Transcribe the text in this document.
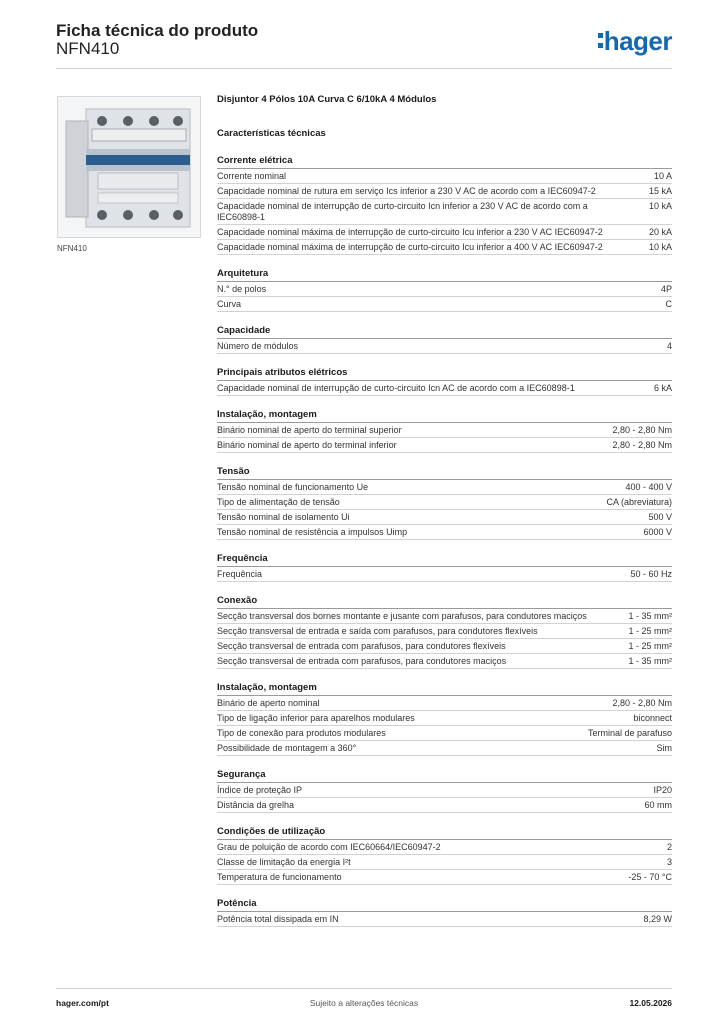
Ficha técnica do produto
NFN410	hager
NFN410
Disjuntor 4 Pólos 10A Curva C 6/10kA 4 Módulos
Características técnicas
Corrente elétrica
Corrente nominal	10 A
Capacidade nominal de rutura em serviço Ics inferior a 230 V AC de acordo com a IEC60947-2	15 kA
Capacidade nominal de interrupção de curto-circuito Icn inferior a 230 V AC de acordo com a IEC60898-1
10 kA
Capacidade nominal máxima de interrupção de curto-circuito Icu inferior a 230 V AC IEC60947-2	20 kA
Capacidade nominal máxima de interrupção de curto-circuito Icu inferior a 400 V AC IEC60947-2	10 kA
Arquitetura
N.° de polos	4P
Curva	C
Capacidade
Número de módulos	4
Principais atributos elétricos
Capacidade nominal de interrupção de curto-circuito Icn AC de acordo com a IEC60898-1	6 kA
Instalação, montagem
Binário nominal de aperto do terminal superior	2,80 - 2,80 Nm
Binário nominal de aperto do terminal inferior	2,80 - 2,80 Nm
Tensão
Tensão nominal de funcionamento Ue	400 - 400 V
Tipo de alimentação de tensão	CA (abreviatura)
Tensão nominal de isolamento Ui	500 V
Tensão nominal de resistência a impulsos Uimp	6000 V
Frequência
Frequência	50 - 60 Hz
Conexão
Secção transversal dos bornes montante e jusante com parafusos, para condutores maciços	1 - 35 mm²
Secção transversal de entrada e saída com parafusos, para condutores flexíveis	1 - 25 mm²
Secção transversal de entrada com parafusos, para condutores flexíveis	1 - 25 mm²
Secção transversal de entrada com parafusos, para condutores maciços	1 - 35 mm²
Instalação, montagem
Binário de aperto nominal	2,80 - 2,80 Nm
Tipo de ligação inferior para aparelhos modulares	biconnect
Tipo de conexão para produtos modulares	Terminal de parafuso
Possibilidade de montagem a 360°	Sim
Segurança
Índice de proteção IP	IP20
Distância da grelha	60 mm
Condições de utilização
Grau de poluição de acordo com IEC60664/IEC60947-2	2
Classe de limitação da energia I²t	3
Temperatura de funcionamento	-25 - 70 °C
Potência
Potência total dissipada em IN	8,29 W
hager.com/pt	Sujeito a alterações técnicas	12.05.2026
